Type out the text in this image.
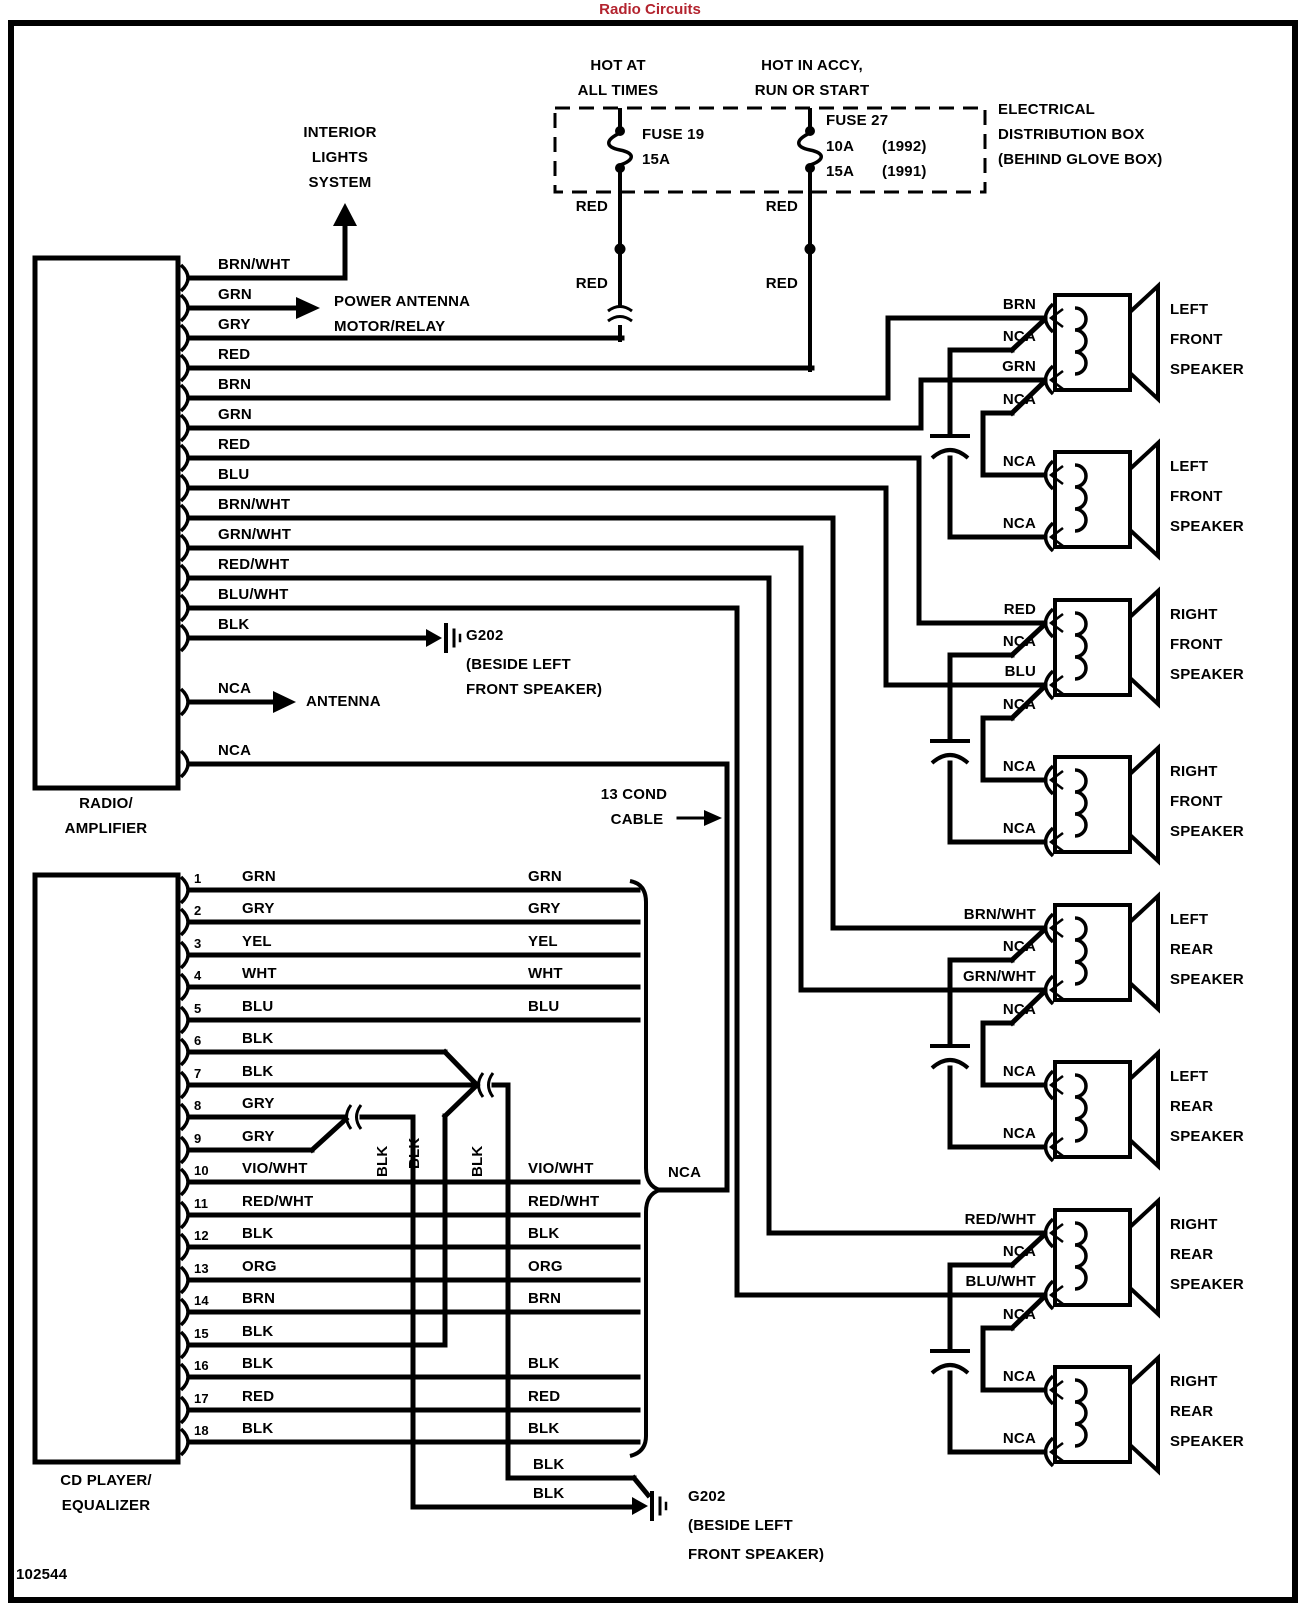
Radio Circuits
HOT AT
ALL TIMES
HOT IN ACCY,
RUN OR START
FUSE 19
15A
FUSE 27
10A (1992)
15A (1991)
ELECTRICAL
DISTRIBUTION BOX
(BEHIND GLOVE BOX)
RED
RED
RED
RED
INTERIOR
LIGHTS
SYSTEM
POWER ANTENNA
MOTOR/RELAY
ANTENNA
G202
(BESIDE LEFT
FRONT SPEAKER)
G202
(BESIDE LEFT
FRONT SPEAKER)
13 COND
CABLE
NCA
RADIO/
AMPLIFIER
CD PLAYER/
EQUALIZER
102544
BRN/WHT
GRN
GRY
RED
BRN
GRN
RED
BLU
BRN/WHT
GRN/WHT
RED/WHT
BLU/WHT
BLK
NCA
NCA
1	GRN	GRN
2	GRY	GRY
3	YEL	YEL
4	WHT	WHT
5	BLU	BLU
6	BLK
7	BLK
8	GRY
9	GRY
10 VIO/WHT	VIO/WHT
11 RED/WHT	RED/WHT
12 BLK	BLK
13 ORG	ORG
14 BRN	BRN
15 BLK
16 BLK	BLK
17 RED	RED
18 BLK	BLK
BLK BLK	BLK
BLK
BLK
BRN
NCA
GRN
NCA
NCA
NCA
LEFT
LEFT
FRONT
FRONT
SPEAKER
SPEAKER
RED
NCA
BLU
NCA
NCA
NCA
RIGHT
RIGHT
FRONT
FRONT
SPEAKER
SPEAKER
BRN/WHT
NCA
GRN/WHT
NCA
NCA
NCA
LEFT
LEFT
REAR
REAR
SPEAKER
SPEAKER
RED/WHT
NCA
BLU/WHT
NCA
NCA
NCA
RIGHT
RIGHT
REAR
REAR
SPEAKER
SPEAKER
